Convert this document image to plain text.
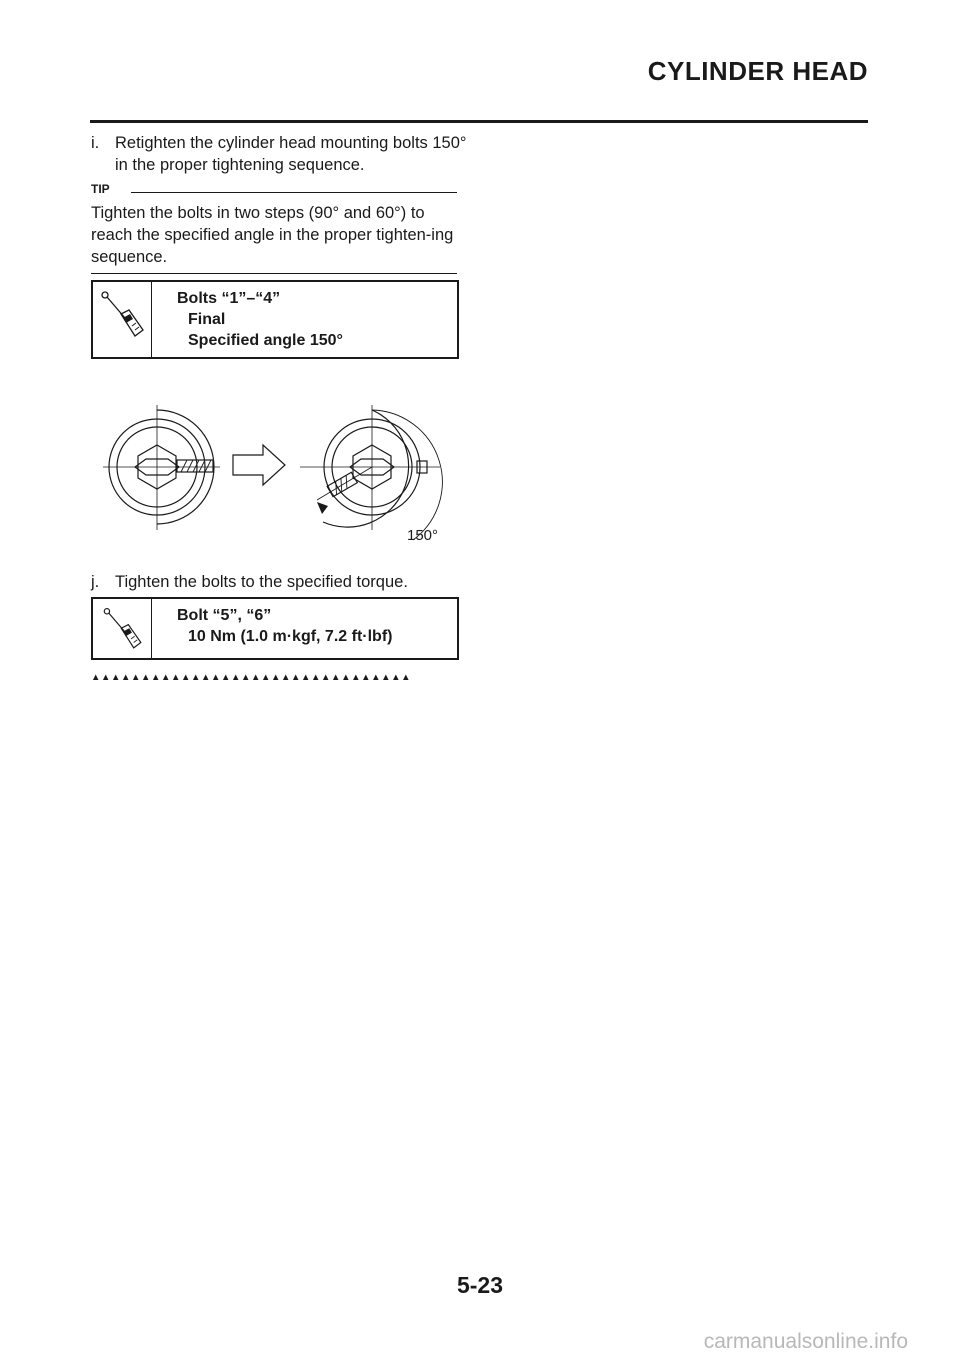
CYLINDER HEAD
i. Retighten the cylinder head mounting bolts 150° in the proper tightening sequence.
TIP
Tighten the bolts in two steps (90° and 60°) to reach the specified angle in the proper tighten-ing sequence.
Bolts “1”–“4”
Final
Specified angle 150°
150°
j. Tighten the bolts to the specified torque.
Bolt “5”, “6”
10 Nm (1.0 m·kgf, 7.2 ft·lbf)
▲▲▲▲▲▲▲▲▲▲▲▲▲▲▲▲▲▲▲▲▲▲▲▲▲▲▲▲▲▲▲▲
5-23
carmanualsonline.info
